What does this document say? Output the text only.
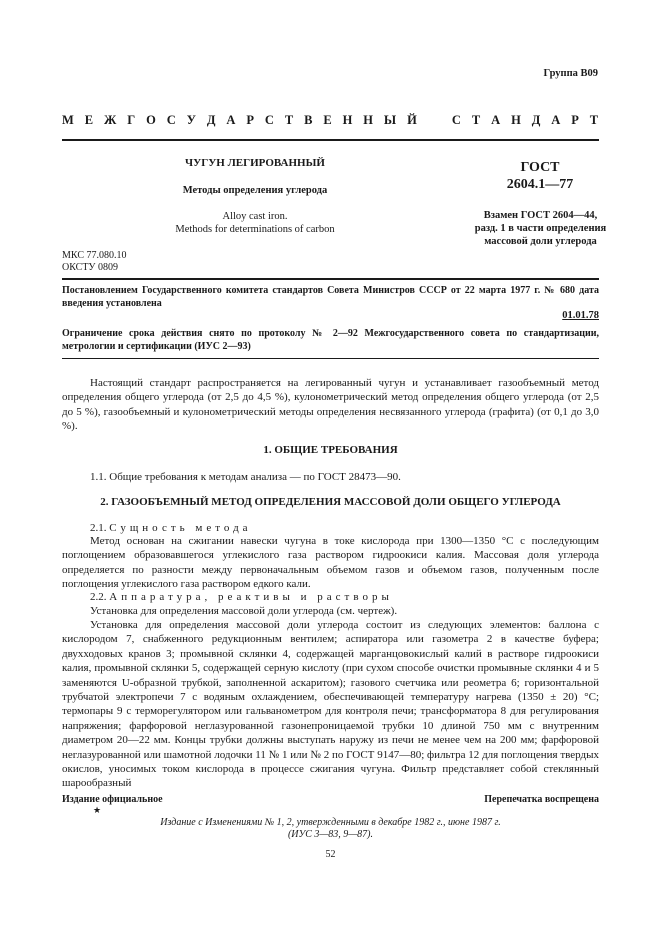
Группа В09
М Е Ж Г О С У Д А Р С Т В Е Н Н Ы Й С Т А Н Д А Р Т
ЧУГУН ЛЕГИРОВАННЫЙ
Методы определения углерода
Alloy cast iron.
Methods for determinations of carbon
ГОСТ
2604.1—77
Взамен ГОСТ 2604—44,
разд. 1 в части определения
массовой доли углерода
МКС 77.080.10
ОКСТУ 0809
Постановлением Государственного комитета стандартов Совета Министров СССР от 22 марта 1977 г. № 680 дата введения установлена
01.01.78
Ограничение срока действия снято по протоколу № 2—92 Межгосударственного совета по стандартизации, метрологии и сертификации (ИУС 2—93)
Настоящий стандарт распространяется на легированный чугун и устанавливает газообъемный метод определения общего углерода (от 2,5 до 4,5 %), кулонометрический метод определения общего углерода (от 2,5 до 5 %), газообъемный и кулонометрический методы определения несвязанного углерода (графита) (от 0,1 до 3,0 %).
1. ОБЩИЕ ТРЕБОВАНИЯ
1.1. Общие требования к методам анализа — по ГОСТ 28473—90.
2. ГАЗООБЪЕМНЫЙ МЕТОД ОПРЕДЕЛЕНИЯ МАССОВОЙ ДОЛИ ОБЩЕГО УГЛЕРОДА
2.1. Сущность метода
Метод основан на сжигании навески чугуна в токе кислорода при 1300—1350 °С с последующим поглощением образовавшегося углекислого газа раствором гидроокиси калия. Массовая доля углерода определяется по разности между первоначальным объемом газов и объемом газов, полученным после поглощения углекислого газа раствором едкого кали.
2.2. Аппаратура, реактивы и растворы
Установка для определения массовой доли углерода (см. чертеж).
Установка для определения массовой доли углерода состоит из следующих элементов: баллона с кислородом 7, снабженного редукционным вентилем; аспиратора или газометра 2 в качестве буфера; двухходовых кранов 3; промывной склянки 4, содержащей марганцовокислый калий в растворе гидроокиси калия, промывной склянки 5, содержащей серную кислоту (при сухом способе очистки промывные склянки 4 и 5 заменяются U-образной трубкой, заполненной аскаритом); газового счетчика или реометра 6; горизонтальной трубчатой электропечи 7 с водяным охлаждением, обеспечивающей температуру нагрева (1350 ± 20) °С; термопары 9 с терморегулятором или гальванометром для контроля печи; трансформатора 8 для регулирования напряжения; фарфоровой неглазурованной газонепроницаемой трубки 10 длиной 750 мм с внутренним диаметром 20—22 мм. Концы трубки должны выступать наружу из печи не менее чем на 200 мм; фарфоровой неглазурованной или шамотной лодочки 11 № 1 или № 2 по ГОСТ 9147—80; фильтра 12 для поглощения твердых окислов, уносимых током кислорода в процессе сжигания чугуна. Фильтр представляет собой стеклянный шарообразный
Издание официальное
★
Перепечатка воспрещена
Издание с Изменениями № 1, 2, утвержденными в декабре 1982 г., июне 1987 г.
(ИУС 3—83, 9—87).
52
